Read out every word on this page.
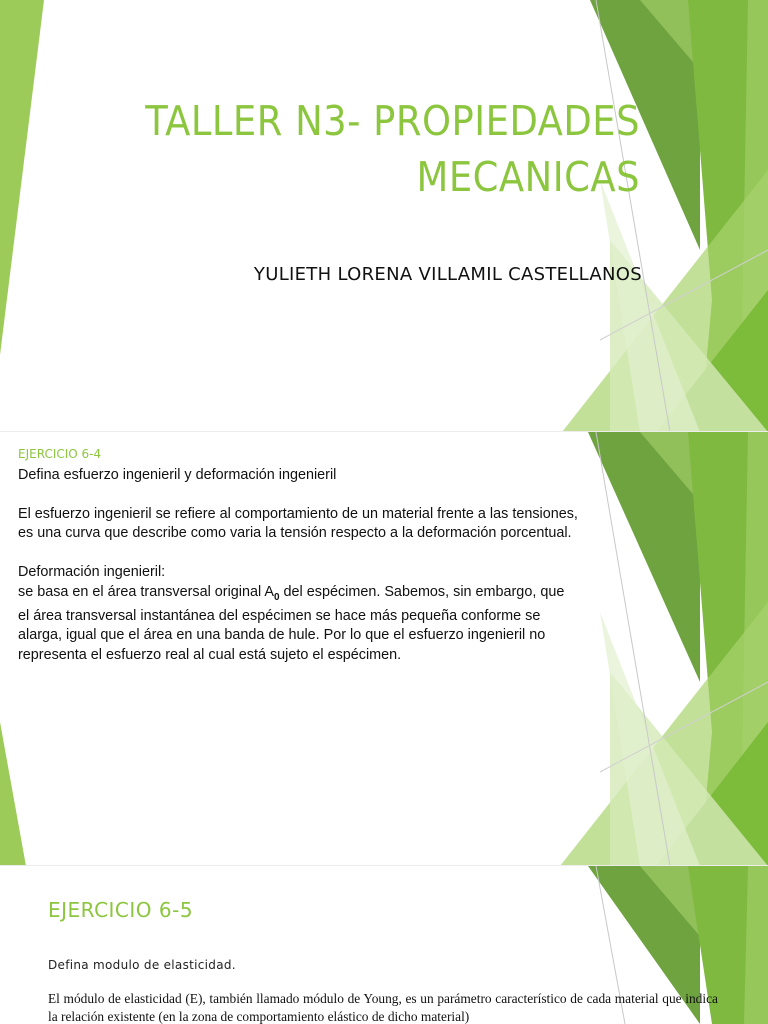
TALLER N3- PROPIEDADES
MECANICAS
YULIETH LORENA VILLAMIL CASTELLANOS
EJERCICIO 6-4

Defina esfuerzo ingenieril y deformación ingenieril

El esfuerzo ingenieril se refiere al comportamiento de un material frente a las tensiones, es una curva que describe como varia la tensión respecto a la deformación porcentual.

Deformación ingenieril:

se basa en el área transversal original $A_0$ del espécimen. Sabemos, sin embargo, que el área transversal instantánea del espécimen se hace más pequeña conforme se alarga, igual que el área en una banda de hule. Por lo que el esfuerzo ingenieril no representa el esfuerzo real al cual está sujeto el espécimen.

EJERCICIO 6-5
Defina modulo de elasticidad.
El módulo de elasticidad (E), también llamado módulo de Young, es un parámetro característico de cada material que indica la relación existente (en la zona de comportamiento elástico de dicho material)
